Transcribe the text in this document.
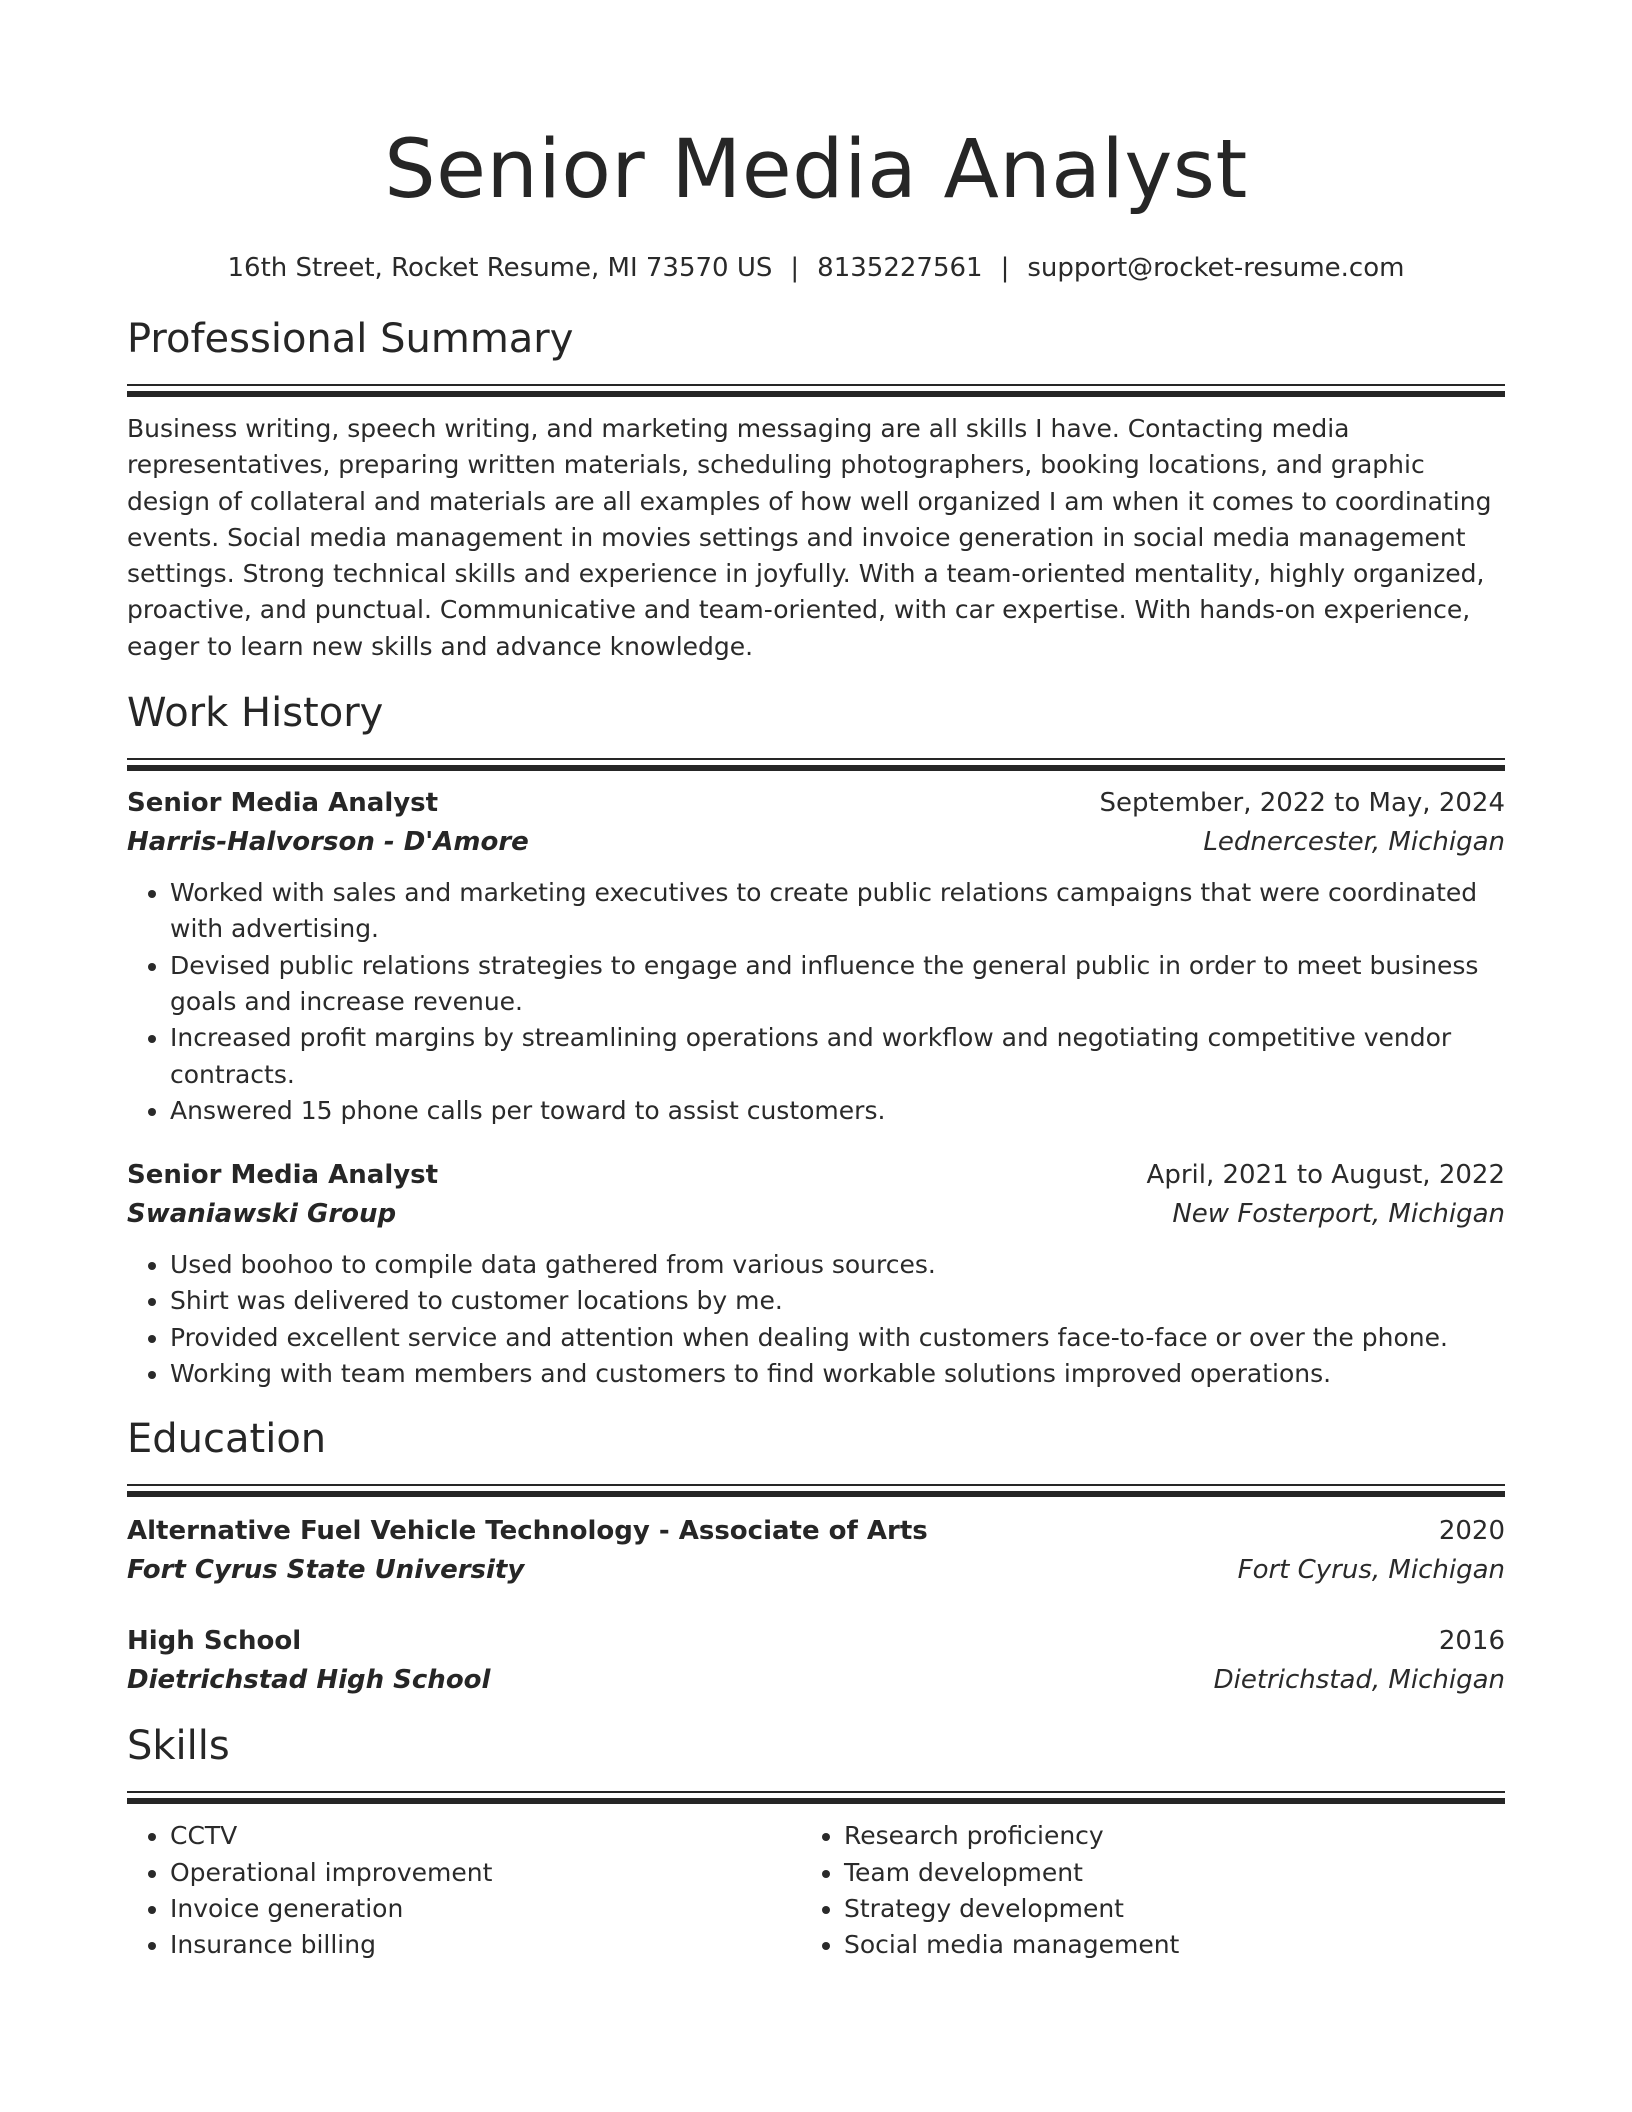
Senior Media Analyst
16th Street, Rocket Resume, MI 73570 US | 8135227561 | support@rocket-resume.com
Professional Summary

Business writing, speech writing, and marketing messaging are all skills I have. Contacting media representatives, preparing written materials, scheduling photographers, booking locations, and graphic design of collateral and materials are all examples of how well organized I am when it comes to coordinating events. Social media management in movies settings and invoice generation in social media management settings. Strong technical skills and experience in joyfully. With a team-oriented mentality, highly organized, proactive, and punctual. Communicative and team-oriented, with car expertise. With hands-on experience, eager to learn new skills and advance knowledge.

Work History
Senior Media Analyst	September, 2022 to May, 2024
Harris-Halvorson - D'Amore	Lednercester, Michigan
• Worked with sales and marketing executives to create public relations campaigns that were coordinated with advertising.
• Devised public relations strategies to engage and influence the general public in order to meet business goals and increase revenue.
• Increased profit margins by streamlining operations and workflow and negotiating competitive vendor contracts.
• Answered 15 phone calls per toward to assist customers.
Senior Media Analyst	April, 2021 to August, 2022
Swaniawski Group	New Fosterport, Michigan
• Used boohoo to compile data gathered from various sources.
• Shirt was delivered to customer locations by me.
• Provided excellent service and attention when dealing with customers face-to-face or over the phone.
• Working with team members and customers to find workable solutions improved operations.
Education
Alternative Fuel Vehicle Technology - Associate of Arts	2020
Fort Cyrus State University	Fort Cyrus, Michigan
High School	2016
Dietrichstad High School	Dietrichstad, Michigan
Skills
• CCTV
• Operational improvement
• Invoice generation
• Insurance billing
• Research proficiency
• Team development
• Strategy development
• Social media management
